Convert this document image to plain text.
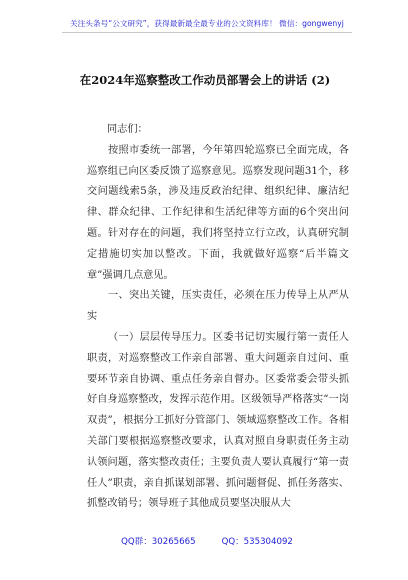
关注头条号“公文研究”，获得最新最全最专业的公文资料库！ 微信：gongwenyj
在2024年巡察整改工作动员部署会上的讲话 (2)

同志们：

按照市委统一部署，今年第四轮巡察已全面完成，各巡察组已向区委反馈了巡察意见。巡察发现问题31个，移交问题线索5条，涉及违反政治纪律、组织纪律、廉洁纪律、群众纪律、工作纪律和生活纪律等方面的6个突出问题。针对存在的问题，我们将坚持立行立改，认真研究制定措施切实加以整改。下面，我就做好巡察“后半篇文章”强调几点意见。

一、突出关键，压实责任，必须在压力传导上从严从实

（一）层层传导压力。区委书记切实履行第一责任人职责，对巡察整改工作亲自部署、重大问题亲自过问、重要环节亲自协调、重点任务亲自督办。区委常委会带头抓好自身巡察整改，发挥示范作用。区级领导严格落实“一岗双责”，根据分工抓好分管部门、领域巡察整改工作。各相关部门要根据巡察整改要求，认真对照自身职责任务主动认领问题，落实整改责任；主要负责人要认真履行“第一责任人”职责，亲自抓谋划部署、抓问题督促、抓任务落实、抓整改销号；领导班子其他成员要坚决服从大

QQ群：30265665	QQ：535304092
